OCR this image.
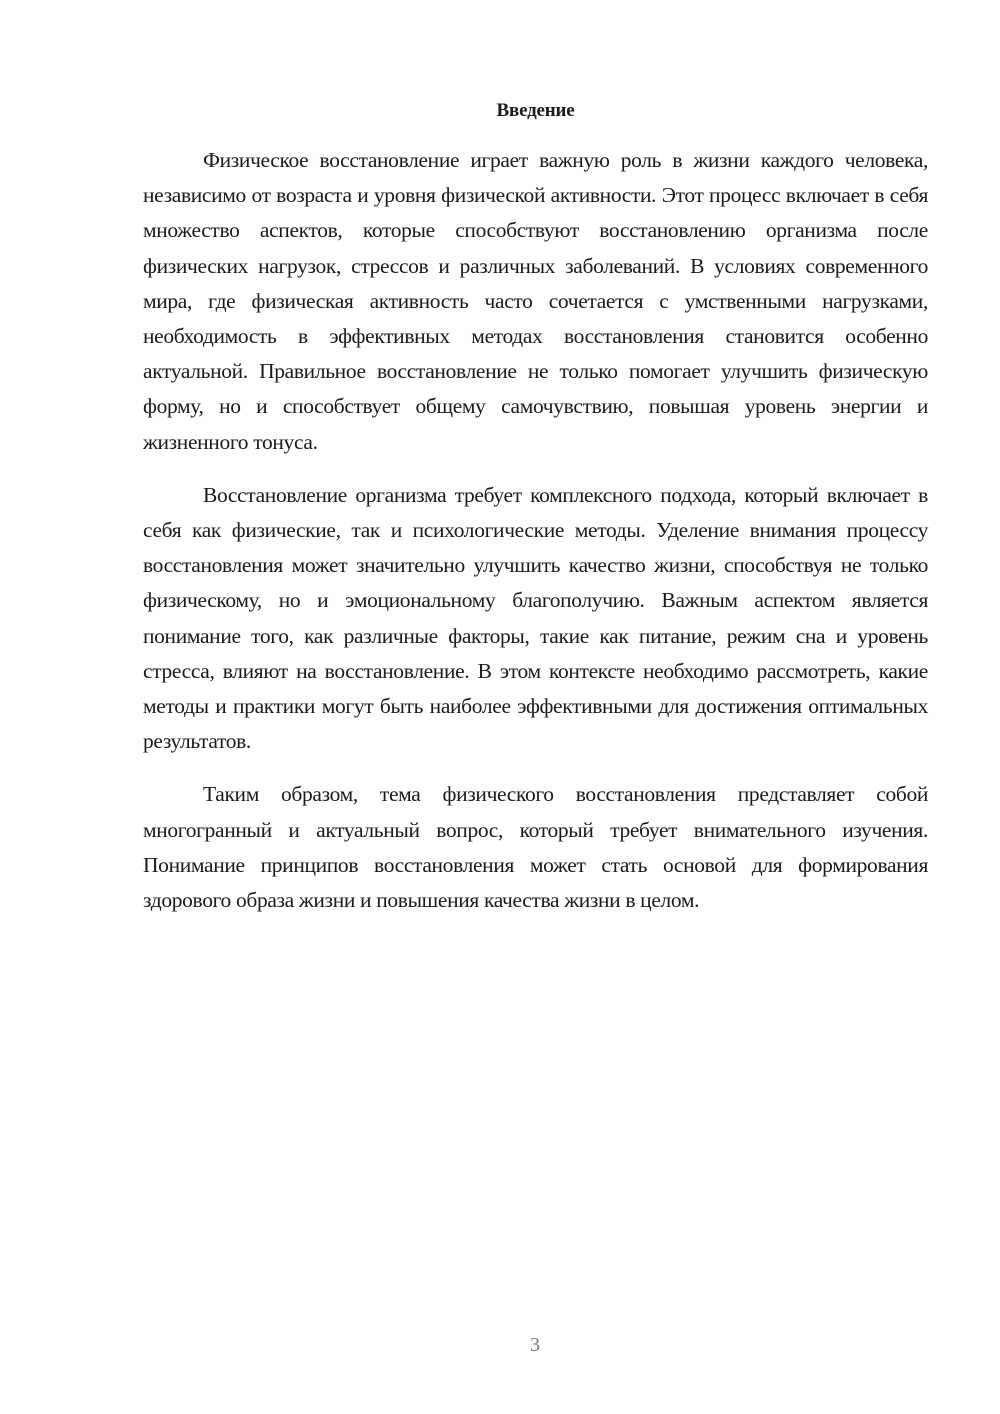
Введение

Физическое восстановление играет важную роль в жизни каждого человека, независимо от возраста и уровня физической активности. Этот процесс включает в себя множество аспектов, которые способствуют восстановлению организма после физических нагрузок, стрессов и различных заболеваний. В условиях современного мира, где физическая активность часто сочетается с умственными нагрузками, необходимость в эффективных методах восстановления становится особенно актуальной. Правильное восстановление не только помогает улучшить физическую форму, но и способствует общему самочувствию, повышая уровень энергии и жизненного тонуса.

Восстановление организма требует комплексного подхода, который включает в себя как физические, так и психологические методы. Уделение внимания процессу восстановления может значительно улучшить качество жизни, способствуя не только физическому, но и эмоциональному благополучию. Важным аспектом является понимание того, как различные факторы, такие как питание, режим сна и уровень стресса, влияют на восстановление. В этом контексте необходимо рассмотреть, какие методы и практики могут быть наиболее эффективными для достижения оптимальных результатов.

Таким образом, тема физического восстановления представляет собой многогранный и актуальный вопрос, который требует внимательного изучения. Понимание принципов восстановления может стать основой для формирования здорового образа жизни и повышения качества жизни в целом.

3
